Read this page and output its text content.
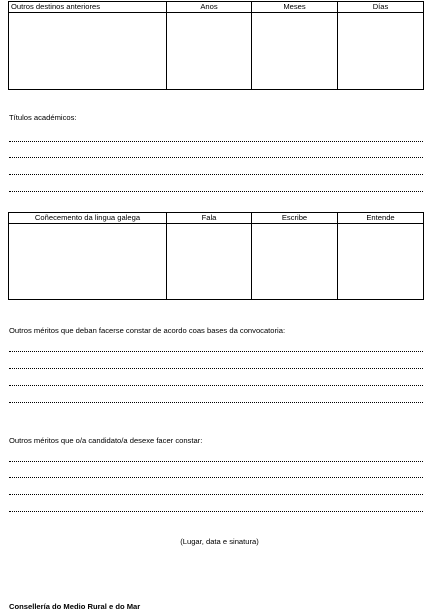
Outros destinos anteriores	Anos	Meses	Días

Títulos académicos:
Coñecemento da lingua galega	Fala	Escribe	Entende

Outros méritos que deban facerse constar de acordo coas bases da convocatoria:
Outros méritos que o/a candidato/a desexe facer constar:
(Lugar, data e sinatura)
Consellería do Medio Rural e do Mar
